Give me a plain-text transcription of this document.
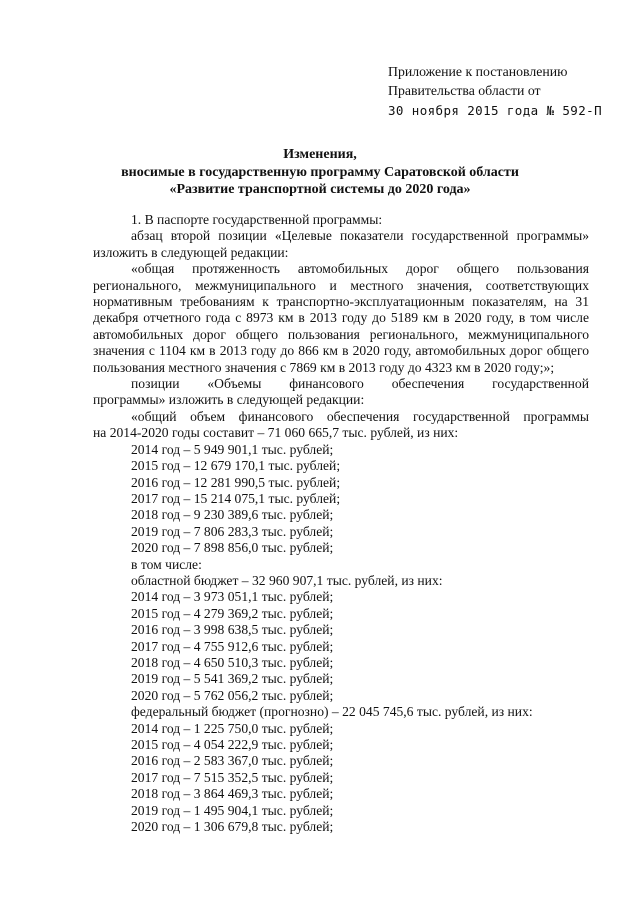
Приложение к постановлению
Правительства области от
30 ноября 2015 года № 592-П
Изменения,
вносимые в государственную программу Саратовской области
«Развитие транспортной системы до 2020 года»

1. В паспорте государственной программы:

абзац второй позиции «Целевые показатели государственной программы» изложить в следующей редакции:

«общая протяженность автомобильных дорог общего пользования регионального, межмуниципального и местного значения, соответствующих нормативным требованиям к транспортно-эксплуатационным показателям, на 31 декабря отчетного года с 8973 км в 2013 году до 5189 км в 2020 году, в том числе автомобильных дорог общего пользования регионального, межмуниципального значения с 1104 км в 2013 году до 866 км в 2020 году, автомобильных дорог общего пользования местного значения с 7869 км в 2013 году до 4323 км в 2020 году;»;

позиции «Объемы финансового обеспечения государственной

программы» изложить в следующей редакции:

«общий объем финансового обеспечения государственной программы

на 2014-2020 годы составит – 71 060 665,7 тыс. рублей, из них:

2014 год – 5 949 901,1 тыс. рублей;

2015 год – 12 679 170,1 тыс. рублей;

2016 год – 12 281 990,5 тыс. рублей;

2017 год – 15 214 075,1 тыс. рублей;

2018 год – 9 230 389,6 тыс. рублей;

2019 год – 7 806 283,3 тыс. рублей;

2020 год – 7 898 856,0 тыс. рублей;

в том числе:

областной бюджет – 32 960 907,1 тыс. рублей, из них:

2014 год – 3 973 051,1 тыс. рублей;

2015 год – 4 279 369,2 тыс. рублей;

2016 год – 3 998 638,5 тыс. рублей;

2017 год – 4 755 912,6 тыс. рублей;

2018 год – 4 650 510,3 тыс. рублей;

2019 год – 5 541 369,2 тыс. рублей;

2020 год – 5 762 056,2 тыс. рублей;

федеральный бюджет (прогнозно) – 22 045 745,6 тыс. рублей, из них:

2014 год – 1 225 750,0 тыс. рублей;

2015 год – 4 054 222,9 тыс. рублей;

2016 год – 2 583 367,0 тыс. рублей;

2017 год – 7 515 352,5 тыс. рублей;

2018 год – 3 864 469,3 тыс. рублей;

2019 год – 1 495 904,1 тыс. рублей;

2020 год – 1 306 679,8 тыс. рублей;
